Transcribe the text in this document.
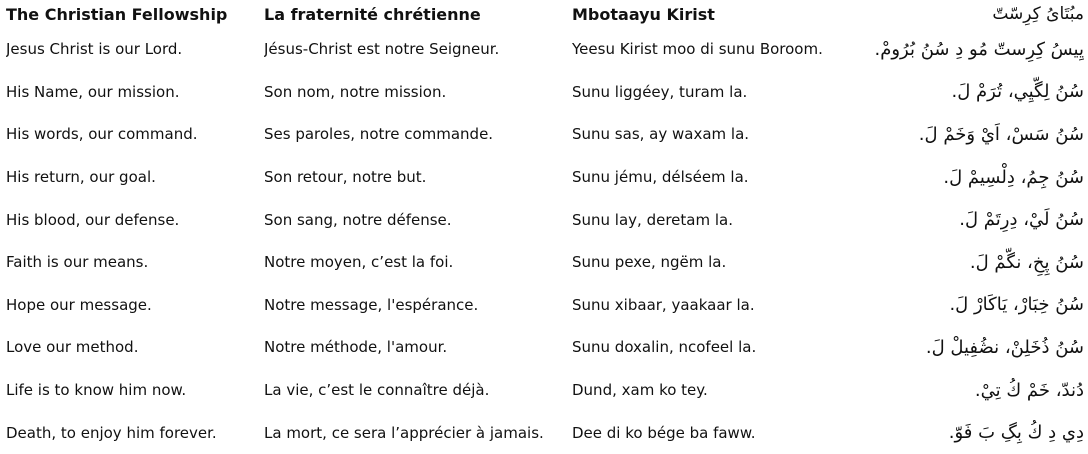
The Christian Fellowship	La fraternité chrétienne	Mbotaayu Kirist	مبُتَاىُ كِرِسّتّ
Jesus Christ is our Lord.	Jésus-Christ est notre Seigneur.	Yeesu Kirist moo di sunu Boroom.	يِيسُ كِرِستّ مُو دِ سُنُ بُرُومْ.
His Name, our mission.	Son nom, notre mission.	Sunu liggéey, turam la.	سُنُ لِگّيِي، تُرَمْ لَ.
His words, our command.	Ses paroles, notre commande.	Sunu sas, ay waxam la.	سُنُ سَسْ، اَيْ وَخَمْ لَ.
His return, our goal.	Son retour, notre but.	Sunu jému, délséem la.	سُنُ جِمُ، دِلْسِيمْ لَ.
His blood, our defense.	Son sang, notre défense.	Sunu lay, deretam la.	سُنُ لَيْ، دِرِتَمْ لَ.
Faith is our means.	Notre moyen, c’est la foi.	Sunu pexe, ngëm la.	سُنُ پِخِ، نگّمْ لَ.
Hope our message.	Notre message, l'espérance.	Sunu xibaar, yaakaar la.	سُنُ خِبَارْ، يَاكَارْ لَ.
Love our method.	Notre méthode, l'amour.	Sunu doxalin, ncofeel la.	سُنُ ذُخَلِنْ، نڞُفِيلْ لَ.
Life is to know him now.	La vie, c’est le connaître déjà.	Dund, xam ko tey.	دُندّ، خَمْ كُ تِيْ.
Death, to enjoy him forever.	La mort, ce sera l’apprécier à jamais.	Dee di ko bége ba faww.	دِي دِ كُ بِگِ بَ فَوّ.
